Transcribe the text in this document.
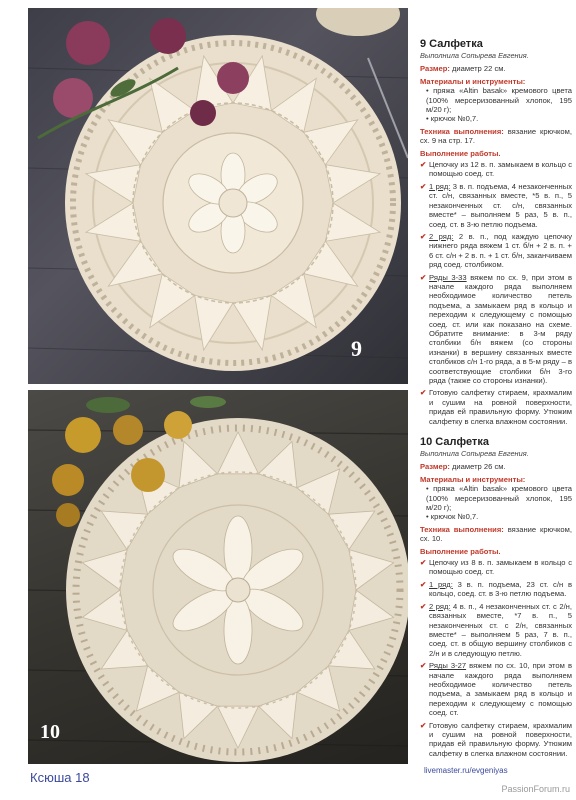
9
10
9 Салфетка
Выполнила Сопырева Евгения.
Размер: диаметр 22 см.
Материалы и инструменты:
• пряжа «Altin basak» кремового цвета (100% мерсеризованный хлопок, 195 м/20 г);
• крючок №0,7.
Техника выполнения: вязание крючком, сх. 9 на стр. 17.
Выполнение работы.
✔ Цепочку из 12 в. п. замыкаем в кольцо с помощью соед. ст.
✔ 1 ряд: 3 в. п. подъема, 4 незаконченных ст. с/н, связанных вместе, *5 в. п., 5 незаконченных ст. с/н, связанных вместе* – выполняем 5 раз, 5 в. п., соед. ст. в 3-ю петлю подъема.
✔ 2 ряд: 2 в. п., под каждую цепочку нижнего ряда вяжем 1 ст. б/н + 2 в. п. + 6 ст. с/н + 2 в. п. + 1 ст. б/н, заканчиваем ряд соед. столбиком.
✔ Ряды 3-33 вяжем по сх. 9, при этом в начале каждого ряда выполняем необходимое количество петель подъема, а замыкаем ряд в кольцо и переходим к следующему с помощью соед. ст. или как показано на схеме. Обратите внимание: в 3-м ряду столбики б/н вяжем (со стороны изнанки) в вершину связанных вместе столбиков с/н 1-го ряда, а в 5-м ряду – в соответствующие столбики б/н 3-го ряда (также со стороны изнанки).
✔ Готовую салфетку стираем, крахмалим и сушим на ровной поверхности, придав ей правильную форму. Утюжим салфетку в слегка влажном состоянии.
10 Салфетка
Выполнила Сопырева Евгения.
Размер: диаметр 26 см.
Материалы и инструменты:
• пряжа «Altin basak» кремового цвета (100% мерсеризованный хлопок, 195 м/20 г);
• крючок №0,7.
Техника выполнения: вязание крючком, сх. 10.
Выполнение работы.
✔ Цепочку из 8 в. п. замыкаем в кольцо с помощью соед. ст.
✔ 1 ряд: 3 в. п. подъема, 23 ст. с/н в кольцо, соед. ст. в 3-ю петлю подъема.
✔ 2 ряд: 4 в. п., 4 незаконченных ст. с 2/н, связанных вместе, *7 в. п., 5 незаконченных ст. с 2/н, связанных вместе* – выполняем 5 раз, 7 в. п., соед. ст. в общую вершину столбиков с 2/н и в следующую петлю.
✔ Ряды 3-27 вяжем по сх. 10, при этом в начале каждого ряда выполняем необходимое количество петель подъема, а замыкаем ряд в кольцо и переходим к следующему с помощью соед. ст.
✔ Готовую салфетку стираем, крахмалим и сушим на ровной поверхности, придав ей правильную форму. Утюжим салфетку в слегка влажном состоянии.
Ксюша 18	livemaster.ru/evgeniyas
PassionForum.ru
